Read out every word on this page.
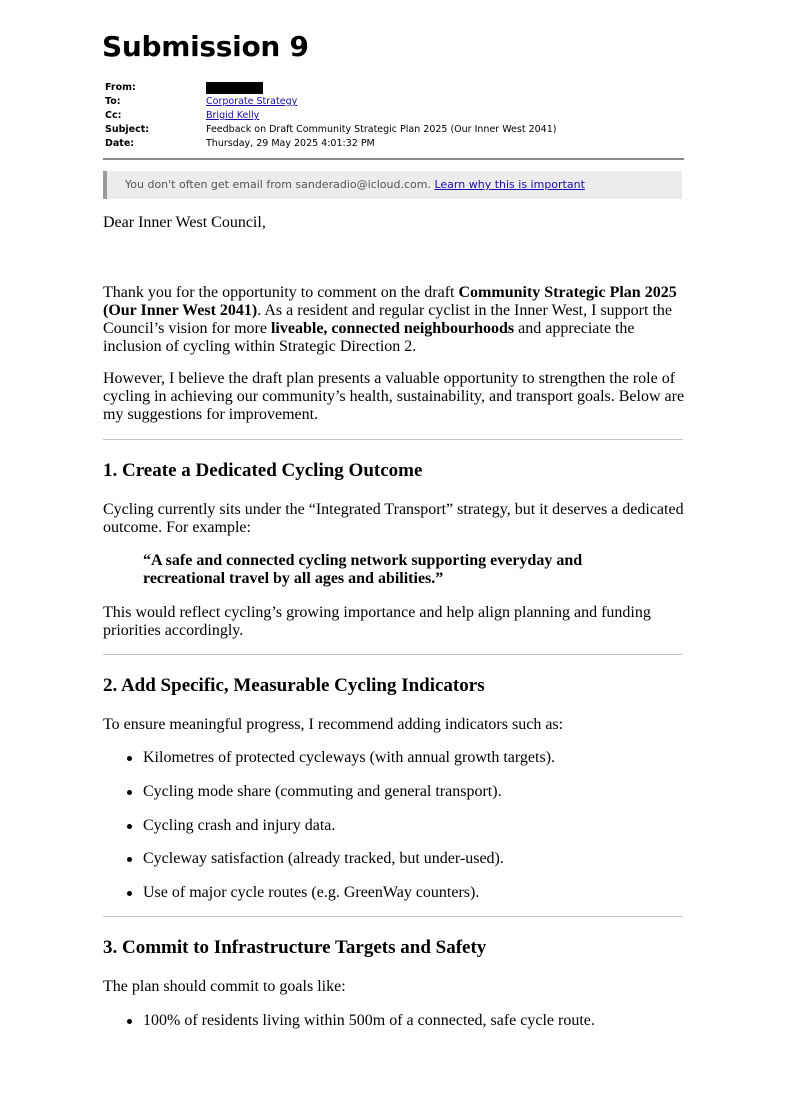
Submission 9
From:
To:	Corporate Strategy
Cc:	Brigid Kelly
Subject:	Feedback on Draft Community Strategic Plan 2025 (Our Inner West 2041)
Date:	Thursday, 29 May 2025 4:01:32 PM
You don't often get email from sanderadio@icloud.com. Learn why this is important

Dear Inner West Council,

Thank you for the opportunity to comment on the draft Community Strategic Plan 2025 (Our Inner West 2041). As a resident and regular cyclist in the Inner West, I support the Council’s vision for more liveable, connected neighbourhoods and appreciate the inclusion of cycling within Strategic Direction 2.

However, I believe the draft plan presents a valuable opportunity to strengthen the role of cycling in achieving our community’s health, sustainability, and transport goals. Below are my suggestions for improvement.

1. Create a Dedicated Cycling Outcome
Cycling currently sits under the “Integrated Transport” strategy, but it deserves a dedicated outcome. For example:
“A safe and connected cycling network supporting everyday and recreational travel by all ages and abilities.”
This would reflect cycling’s growing importance and help align planning and funding priorities accordingly.
2. Add Specific, Measurable Cycling Indicators
To ensure meaningful progress, I recommend adding indicators such as:
Kilometres of protected cycleways (with annual growth targets).
Cycling mode share (commuting and general transport).
Cycling crash and injury data.
Cycleway satisfaction (already tracked, but under-used).
Use of major cycle routes (e.g. GreenWay counters).
3. Commit to Infrastructure Targets and Safety
The plan should commit to goals like:
100% of residents living within 500m of a connected, safe cycle route.
